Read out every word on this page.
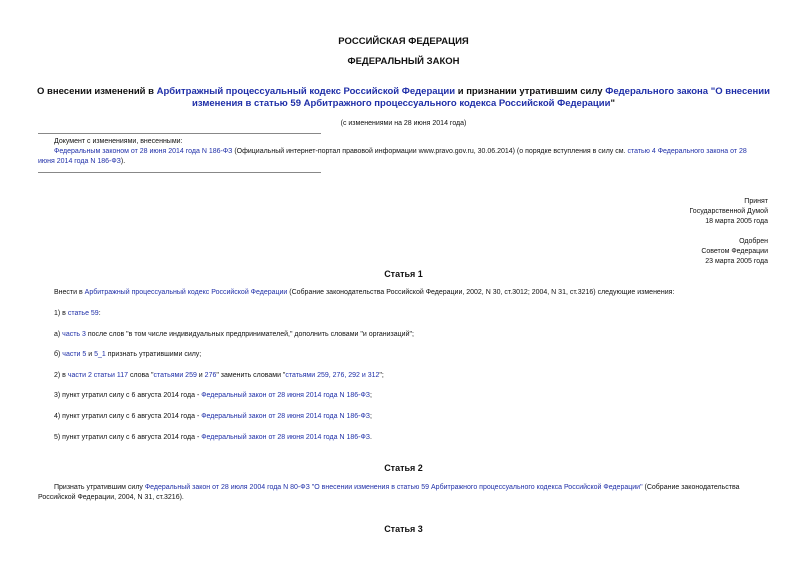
РОССИЙСКАЯ ФЕДЕРАЦИЯ
ФЕДЕРАЛЬНЫЙ ЗАКОН
О внесении изменений в Арбитражный процессуальный кодекс Российской Федерации и признании утратившим силу Федерального закона "О внесении
изменения в статью 59 Арбитражного процессуального кодекса Российской Федерации"
(с изменениями на 28 июня 2014 года)
Документ с изменениями, внесенными:
Федеральным законом от 28 июня 2014 года N 186-ФЗ (Официальный интернет-портал правовой информации www.pravo.gov.ru, 30.06.2014) (о порядке вступления в силу см. статью 4 Федерального закона от 28
июня 2014 года N 186-ФЗ).
Принят
Государственной Думой
18 марта 2005 года
Одобрен
Советом Федерации
23 марта 2005 года
Статья 1
Внести в Арбитражный процессуальный кодекс Российской Федерации (Собрание законодательства Российской Федерации, 2002, N 30, ст.3012; 2004, N 31, ст.3216) следующие изменения:
1) в статье 59:
а) часть 3 после слов "в том числе индивидуальных предпринимателей," дополнить словами "и организаций";
б) части 5 и 5_1 признать утратившими силу;
2) в части 2 статьи 117 слова "статьями 259 и 276" заменить словами "статьями 259, 276, 292 и 312";
3) пункт утратил силу с 6 августа 2014 года - Федеральный закон от 28 июня 2014 года N 186-ФЗ;
4) пункт утратил силу с 6 августа 2014 года - Федеральный закон от 28 июня 2014 года N 186-ФЗ;
5) пункт утратил силу с 6 августа 2014 года - Федеральный закон от 28 июня 2014 года N 186-ФЗ.
Статья 2
Признать утратившим силу Федеральный закон от 28 июля 2004 года N 80-ФЗ "О внесении изменения в статью 59 Арбитражного процессуального кодекса Российской Федерации" (Собрание законодательства
Российской Федерации, 2004, N 31, ст.3216).
Статья 3
